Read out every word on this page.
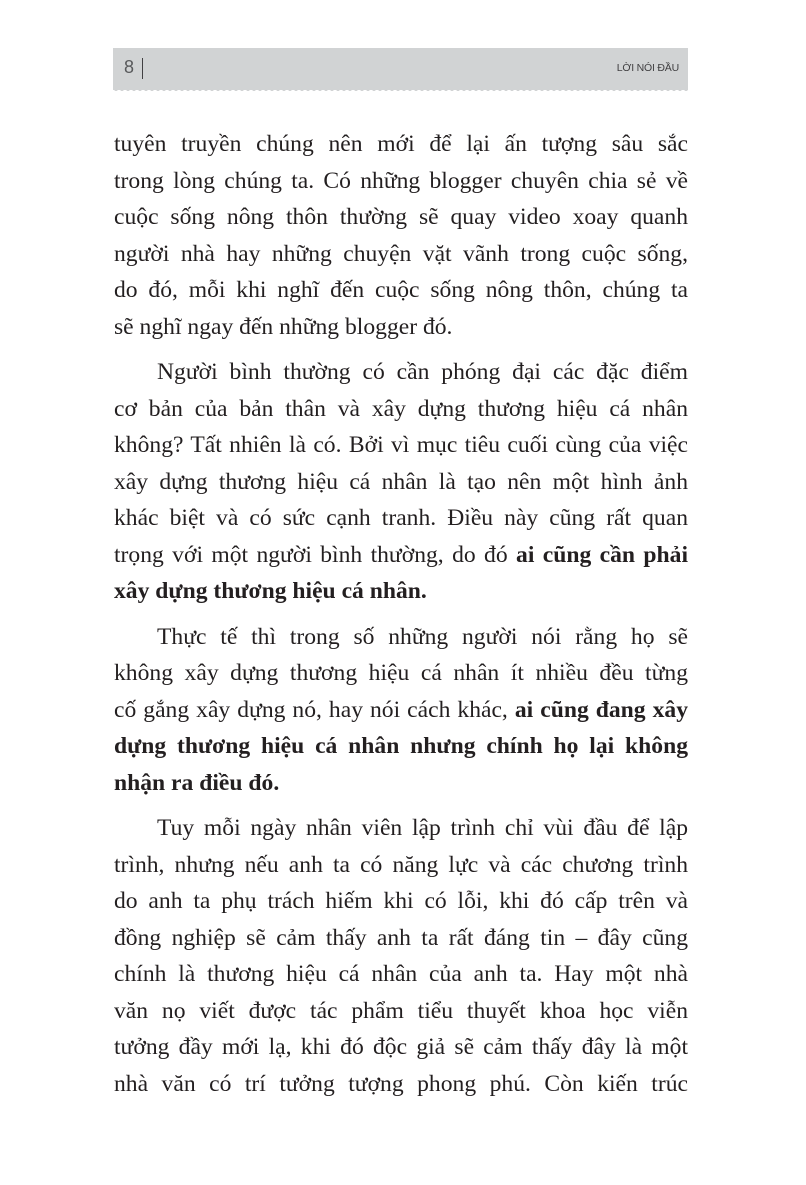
8	LỜI NÓI ĐẦU
tuyên truyền chúng nên mới để lại ấn tượng sâu sắc
trong lòng chúng ta. Có những blogger chuyên chia sẻ về
cuộc sống nông thôn thường sẽ quay video xoay quanh
người nhà hay những chuyện vặt vãnh trong cuộc sống,
do đó, mỗi khi nghĩ đến cuộc sống nông thôn, chúng ta
sẽ nghĩ ngay đến những blogger đó.
Người bình thường có cần phóng đại các đặc điểm
cơ bản của bản thân và xây dựng thương hiệu cá nhân
không? Tất nhiên là có. Bởi vì mục tiêu cuối cùng của việc
xây dựng thương hiệu cá nhân là tạo nên một hình ảnh
khác biệt và có sức cạnh tranh. Điều này cũng rất quan
trọng với một người bình thường, do đó ai cũng cần phải
xây dựng thương hiệu cá nhân.
Thực tế thì trong số những người nói rằng họ sẽ
không xây dựng thương hiệu cá nhân ít nhiều đều từng
cố gắng xây dựng nó, hay nói cách khác, ai cũng đang xây
dựng thương hiệu cá nhân nhưng chính họ lại không
nhận ra điều đó.
Tuy mỗi ngày nhân viên lập trình chỉ vùi đầu để lập
trình, nhưng nếu anh ta có năng lực và các chương trình
do anh ta phụ trách hiếm khi có lỗi, khi đó cấp trên và
đồng nghiệp sẽ cảm thấy anh ta rất đáng tin – đây cũng
chính là thương hiệu cá nhân của anh ta. Hay một nhà
văn nọ viết được tác phẩm tiểu thuyết khoa học viễn
tưởng đầy mới lạ, khi đó độc giả sẽ cảm thấy đây là một
nhà văn có trí tưởng tượng phong phú. Còn kiến trúc
